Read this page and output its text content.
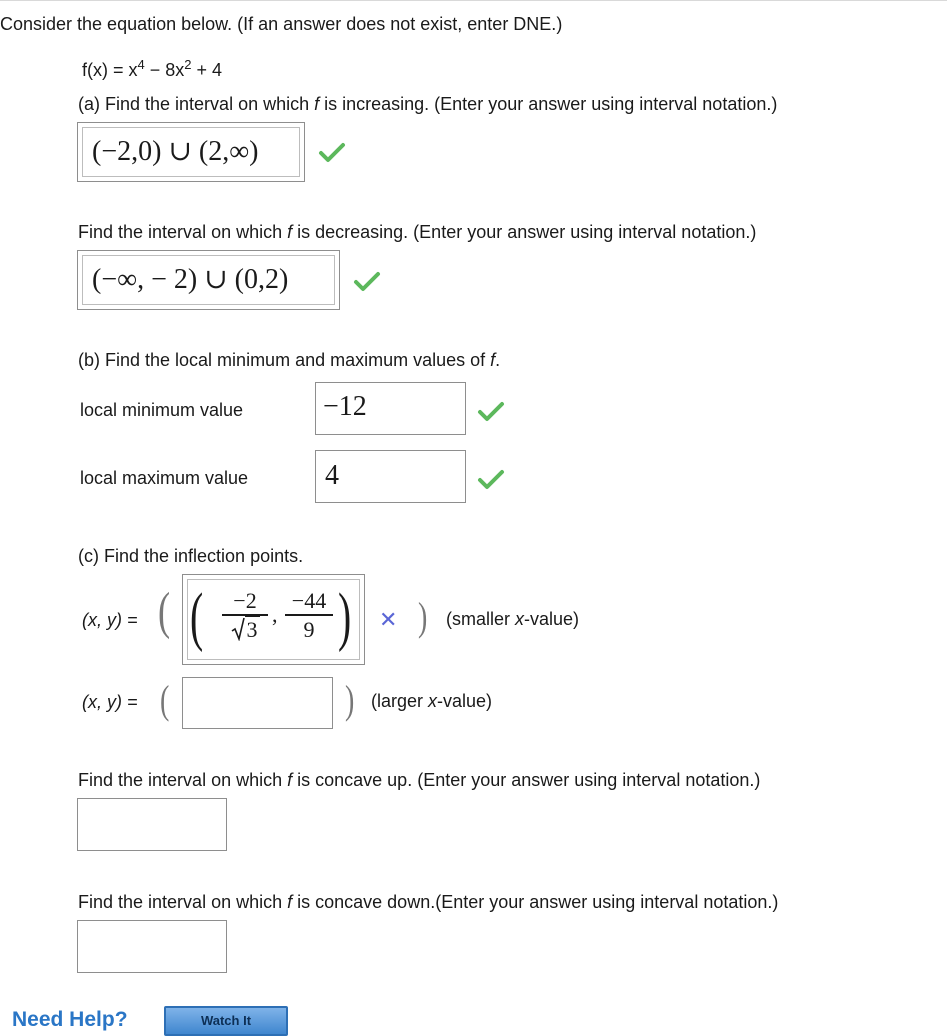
Consider the equation below. (If an answer does not exist, enter DNE.)
$f(x) = x^4 - 8x^2 + 4$
(a) Find the interval on which f is increasing. (Enter your answer using interval notation.)
(−2,0) ∪ (2,∞)
Find the interval on which f is decreasing. (Enter your answer using interval notation.)
(−∞, − 2) ∪ (0,2)
(b) Find the local minimum and maximum values of f.
local minimum value	−12
local maximum value	4
(c) Find the inflection points.
(x, y) = ( (	−2
3
,
−44
9 ) ✕ ) (smaller x-value)
(x, y) = (	) (larger x-value)
Find the interval on which f is concave up. (Enter your answer using interval notation.)
Find the interval on which f is concave down.(Enter your answer using interval notation.)
Need Help?	Watch It
